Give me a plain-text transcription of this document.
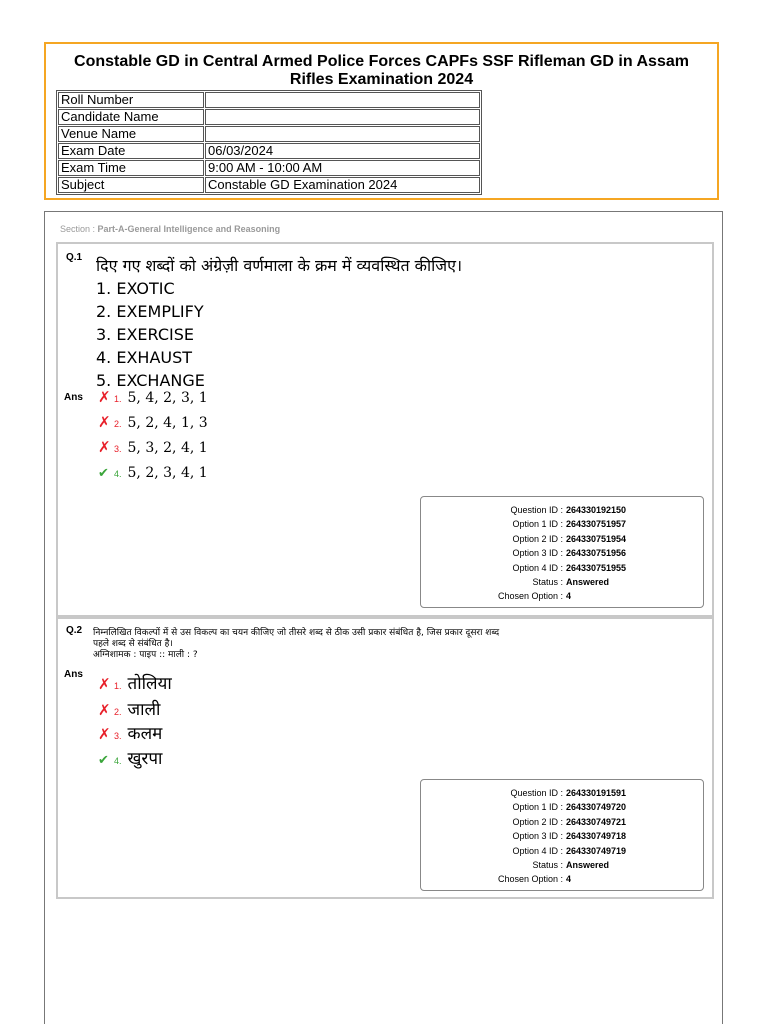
Constable GD in Central Armed Police Forces CAPFs SSF Rifleman GD in Assam Rifles Examination 2024
Roll Number	
Candidate Name	
Venue Name	
Exam Date	06/03/2024
Exam Time	9:00 AM - 10:00 AM
Subject	Constable GD Examination 2024
Section : Part-A-General Intelligence and Reasoning
Q.1 दिए गए शब्दों को अंग्रेज़ी वर्णमाला के क्रम में व्यवस्थित कीजिए।
1. EXOTIC
2. EXEMPLIFY
3. EXERCISE
4. EXHAUST
5. EXCHANGE
Ans ✗ 1. 5, 4, 2, 3, 1
✗ 2. 5, 2, 4, 1, 3
✗ 3. 5, 3, 2, 4, 1
✔ 4. 5, 2, 3, 4, 1
Question ID : 264330192150
Option 1 ID : 264330751957
Option 2 ID : 264330751954
Option 3 ID : 264330751956
Option 4 ID : 264330751955
Status : Answered
Chosen Option : 4
Q.2 निम्नलिखित विकल्पों में से उस विकल्प का चयन कीजिए जो तीसरे शब्द से ठीक उसी प्रकार संबंधित है, जिस प्रकार दूसरा शब्द
पहले शब्द से संबंधित है।
अग्निशामक : पाइप :: माली : ?
Ans
✗ 1. तोलिया
✗ 2. जाली
✗ 3. कलम
✔ 4. खुरपा
Question ID : 264330191591
Option 1 ID : 264330749720
Option 2 ID : 264330749721
Option 3 ID : 264330749718
Option 4 ID : 264330749719
Status : Answered
Chosen Option : 4
